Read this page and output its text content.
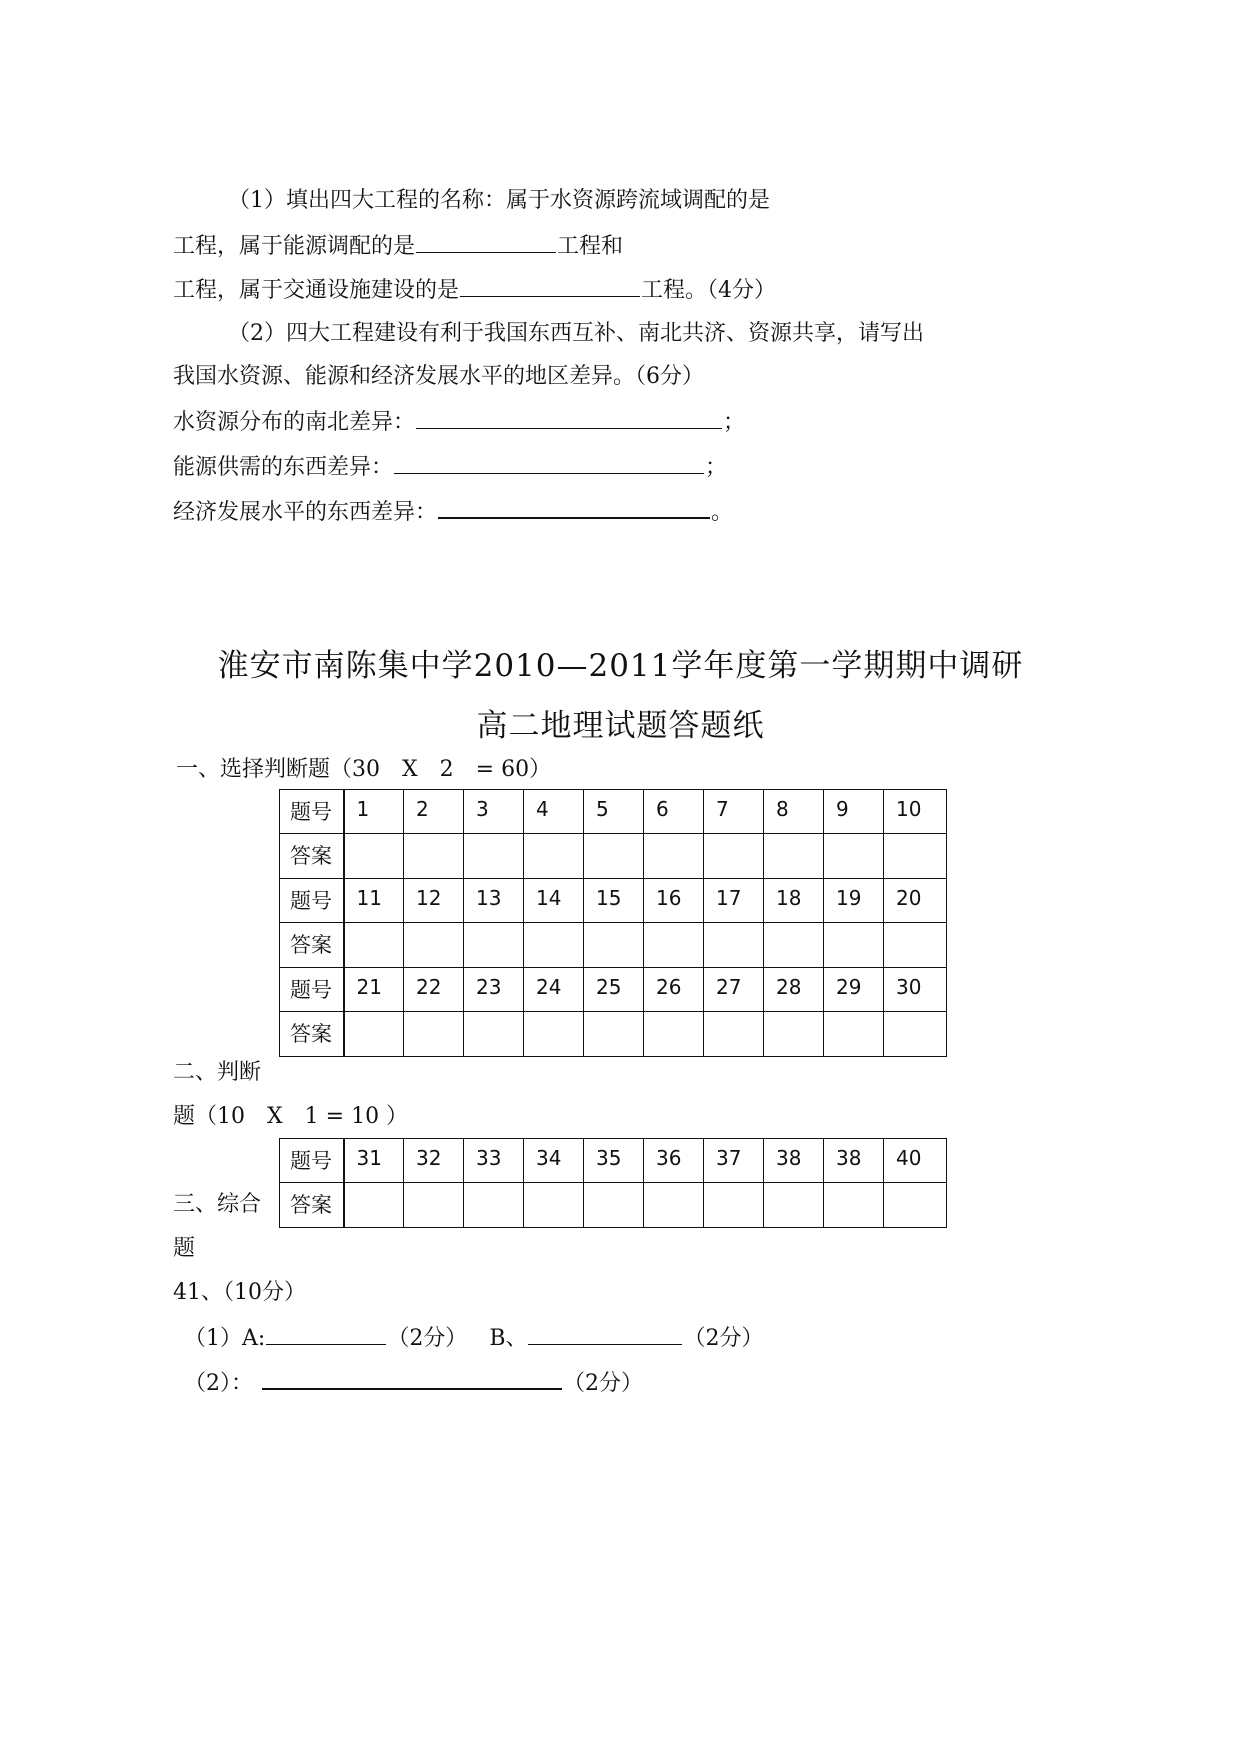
（1）填出四大工程的名称：属于水资源跨流域调配的是
工程，属于能源调配的是	工程和
工程，属于交通设施建设的是	工程。（4分）
（2）四大工程建设有利于我国东西互补、南北共济、资源共享，请写出
我国水资源、能源和经济发展水平的地区差异。（6分）
水资源分布的南北差异：	；
能源供需的东西差异：	；
经济发展水平的东西差异：	。
淮安市南陈集中学2010—2011学年度第一学期期中调研
高二地理试题答题纸
一、选择判断题（30　X　2　= 60）
题号	1	2	3	4	5	6	7	8	9	10
答案										
题号	11	12	13	14	15	16	17	18	19	20
答案										
题号	21	22	23	24	25	26	27	28	29	30
答案										
二、判断
题（10　X　1 = 10 ）
题号	31	32	33	34	35	36	37	38	38	40
答案										
三、综合
题
41、（10分）
（1）A:	（2分） B、	（2分）
（2）：	（2分）
